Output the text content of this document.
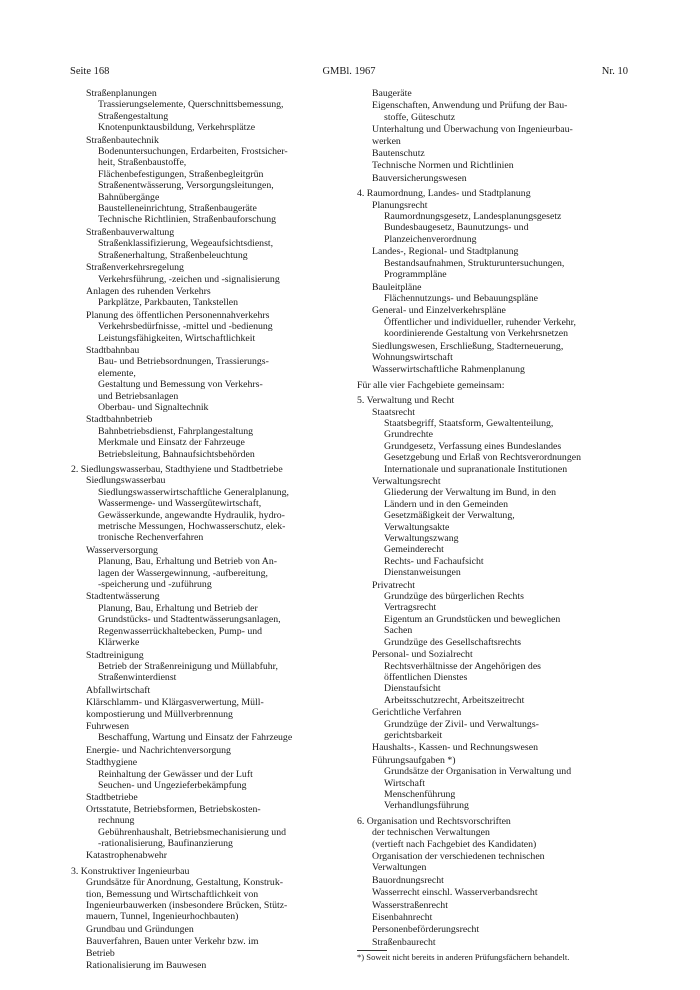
Seite 168	GMBl. 1967	Nr. 10
Straßenplanungen
Trassierungselemente, Querschnittsbemessung,
Straßengestaltung
Knotenpunktausbildung, Verkehrsplätze
Straßenbautechnik
Bodenuntersuchungen, Erdarbeiten, Frostsicher-
heit, Straßenbaustoffe,
Flächenbefestigungen, Straßenbegleitgrün
Straßenentwässerung, Versorgungsleitungen,
Bahnübergänge
Baustelleneinrichtung, Straßenbaugeräte
Technische Richtlinien, Straßenbauforschung
Straßenbauverwaltung
Straßenklassifizierung, Wegeaufsichtsdienst,
Straßenerhaltung, Straßenbeleuchtung
Straßenverkehrsregelung
Verkehrsführung, -zeichen und -signalisierung
Anlagen des ruhenden Verkehrs
Parkplätze, Parkbauten, Tankstellen
Planung des öffentlichen Personennahverkehrs
Verkehrsbedürfnisse, -mittel und -bedienung
Leistungsfähigkeiten, Wirtschaftlichkeit
Stadtbahnbau
Bau- und Betriebsordnungen, Trassierungs-
elemente,
Gestaltung und Bemessung von Verkehrs-
und Betriebsanlagen
Oberbau- und Signaltechnik
Stadtbahnbetrieb
Bahnbetriebsdienst, Fahrplangestaltung
Merkmale und Einsatz der Fahrzeuge
Betriebsleitung, Bahnaufsichtsbehörden
2. Siedlungswasserbau, Stadthyiene und Stadtbetriebe
Siedlungswasserbau
Siedlungswasserwirtschaftliche Generalplanung,
Wassermenge- und Wassergütewirtschaft,
Gewässerkunde, angewandte Hydraulik, hydro-
metrische Messungen, Hochwasserschutz, elek-
tronische Rechenverfahren
Wasserversorgung
Planung, Bau, Erhaltung und Betrieb von An-
lagen der Wassergewinnung, -aufbereitung,
-speicherung und -zuführung
Stadtentwässerung
Planung, Bau, Erhaltung und Betrieb der
Grundstücks- und Stadtentwässerungsanlagen,
Regenwasserrückhaltebecken, Pump- und
Klärwerke
Stadtreinigung
Betrieb der Straßenreinigung und Müllabfuhr,
Straßenwinterdienst
Abfallwirtschaft
Klärschlamm- und Klärgasverwertung, Müll-
kompostierung und Müllverbrennung
Fuhrwesen
Beschaffung, Wartung und Einsatz der Fahrzeuge
Energie- und Nachrichtenversorgung
Stadthygiene
Reinhaltung der Gewässer und der Luft
Seuchen- und Ungezieferbekämpfung
Stadtbetriebe
Ortsstatute, Betriebsformen, Betriebskosten-
rechnung
Gebührenhaushalt, Betriebsmechanisierung und
-rationalisierung, Baufinanzierung
Katastrophenabwehr
3. Konstruktiver Ingenieurbau
Grundsätze für Anordnung, Gestaltung, Konstruk-
tion, Bemessung und Wirtschaftlichkeit von
Ingenieurbauwerken (insbesondere Brücken, Stütz-
mauern, Tunnel, Ingenieurhochbauten)
Grundbau und Gründungen
Bauverfahren, Bauen unter Verkehr bzw. im
Betrieb
Rationalisierung im Bauwesen
Baugeräte
Eigenschaften, Anwendung und Prüfung der Bau-
stoffe, Güteschutz
Unterhaltung und Überwachung von Ingenieurbau-
werken
Bautenschutz
Technische Normen und Richtlinien
Bauversicherungswesen
4. Raumordnung, Landes- und Stadtplanung
Planungsrecht
Raumordnungsgesetz, Landesplanungsgesetz
Bundesbaugesetz, Baunutzungs- und
Planzeichenverordnung
Landes-, Regional- und Stadtplanung
Bestandsaufnahmen, Strukturuntersuchungen,
Programmpläne
Bauleitpläne
Flächennutzungs- und Bebauungspläne
General- und Einzelverkehrspläne
Öffentlicher und individueller, ruhender Verkehr,
koordinierende Gestaltung von Verkehrsnetzen
Siedlungswesen, Erschließung, Stadterneuerung,
Wohnungswirtschaft
Wasserwirtschaftliche Rahmenplanung
Für alle vier Fachgebiete gemeinsam:
5. Verwaltung und Recht
Staatsrecht
Staatsbegriff, Staatsform, Gewaltenteilung,
Grundrechte
Grundgesetz, Verfassung eines Bundeslandes
Gesetzgebung und Erlaß von Rechtsverordnungen
Internationale und supranationale Institutionen
Verwaltungsrecht
Gliederung der Verwaltung im Bund, in den
Ländern und in den Gemeinden
Gesetzmäßigkeit der Verwaltung,
Verwaltungsakte
Verwaltungszwang
Gemeinderecht
Rechts- und Fachaufsicht
Dienstanweisungen
Privatrecht
Grundzüge des bürgerlichen Rechts
Vertragsrecht
Eigentum an Grundstücken und beweglichen
Sachen
Grundzüge des Gesellschaftsrechts
Personal- und Sozialrecht
Rechtsverhältnisse der Angehörigen des
öffentlichen Dienstes
Dienstaufsicht
Arbeitsschutzrecht, Arbeitszeitrecht
Gerichtliche Verfahren
Grundzüge der Zivil- und Verwaltungs-
gerichtsbarkeit
Haushalts-, Kassen- und Rechnungswesen
Führungsaufgaben *)
Grundsätze der Organisation in Verwaltung und
Wirtschaft
Menschenführung
Verhandlungsführung
6. Organisation und Rechtsvorschriften
der technischen Verwaltungen
(vertieft nach Fachgebiet des Kandidaten)
Organisation der verschiedenen technischen
Verwaltungen
Bauordnungsrecht
Wasserrecht einschl. Wasserverbandsrecht
Wasserstraßenrecht
Eisenbahnrecht
Personenbeförderungsrecht
Straßenbaurecht
*) Soweit nicht bereits in anderen Prüfungsfächern behandelt.
